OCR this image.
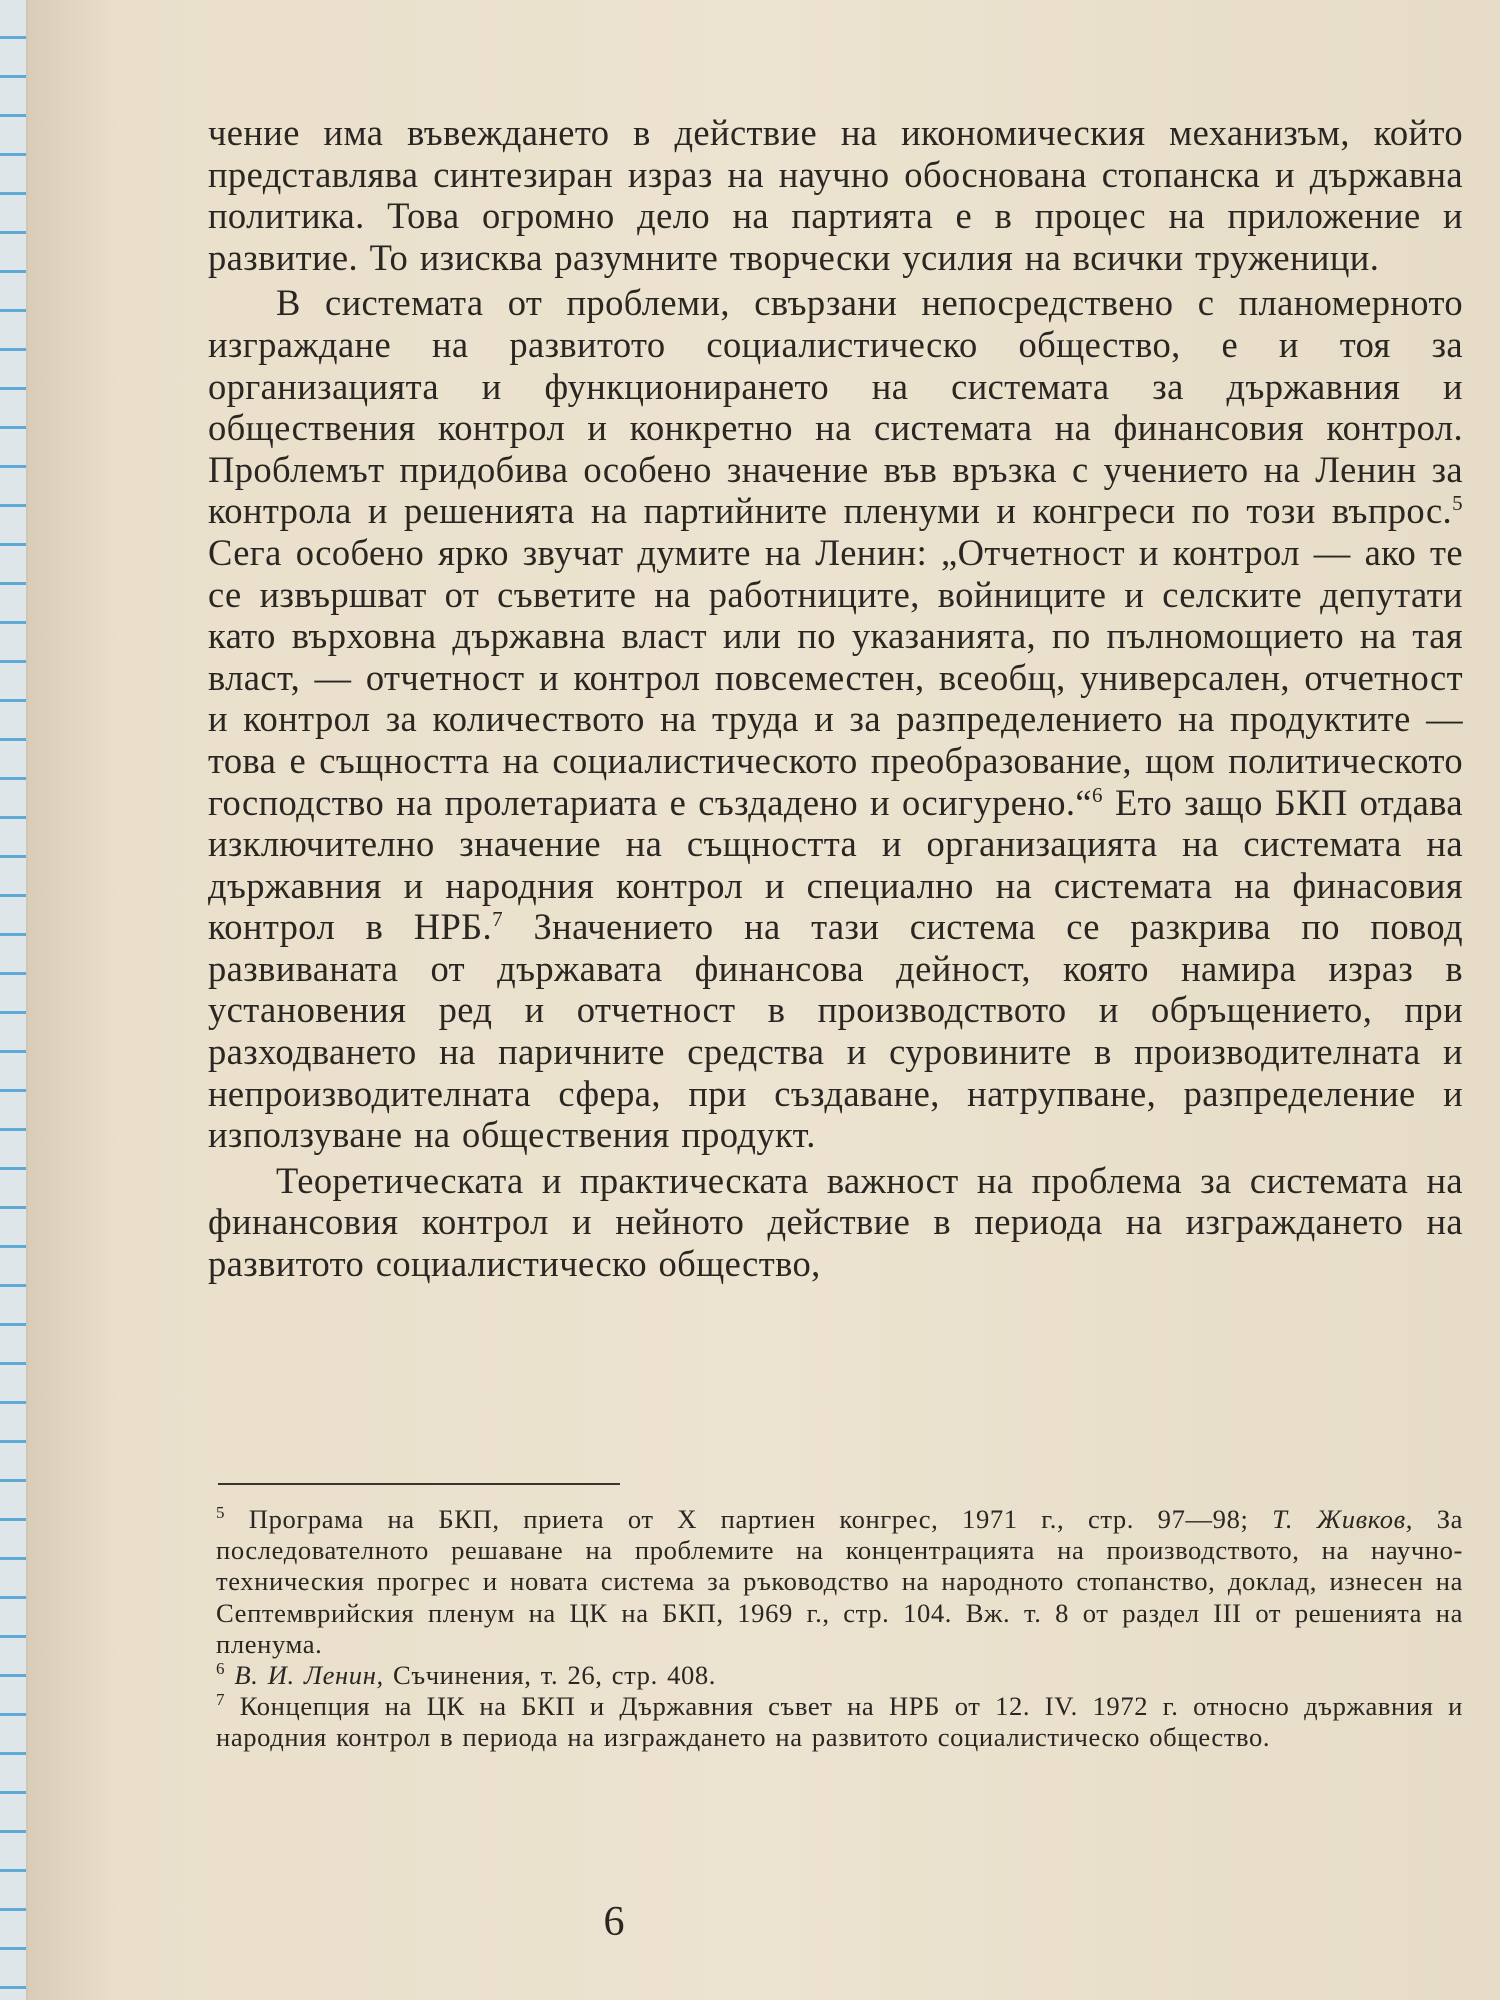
чение има въвеждането в действие на икономическия механизъм, който представлява синтезиран израз на научно обоснована стопанска и държавна политика. Това огромно дело на партията е в процес на приложение и развитие. То изисква разумните творчески усилия на всички труженици.

В системата от проблеми, свързани непосредствено с планомерното изграждане на развитото социалистическо общество, е и тоя за организацията и функционирането на системата за държавния и обществения контрол и конкретно на системата на финансовия контрол. Проблемът придобива особено значение във връзка с учението на Ленин за контрола и решенията на партийните пленуми и конгреси по този въпрос.$^5$ Сега особено ярко звучат думите на Ленин: „Отчетност и контрол — ако те се извършват от съветите на работниците, войниците и селските депутати като върховна държавна власт или по указанията, по пълномощието на тая власт, — отчетност и контрол повсеместен, всеобщ, универсален, отчетност и контрол за количеството на труда и за разпределението на продуктите — това е същността на социалистическото преобразование, щом политическото господство на пролетариата е създадено и осигурено.“$^6$ Ето защо БКП отдава изключително значение на същността и организацията на системата на държавния и народния контрол и специално на системата на финасовия контрол в НРБ.$^7$ Значението на тази система се разкрива по повод развиваната от държавата финансова дейност, която намира израз в установения ред и отчетност в производството и обръщението, при разходването на паричните средства и суровините в производителната и непроизводителната сфера, при създаване, натрупване, разпределение и използуване на обществения продукт.

Теоретическата и практическата важност на проблема за системата на финансовия контрол и нейното действие в периода на изграждането на развитото социалистическо общество,

$^5$ Програма на БКП, приета от X партиен конгрес, 1971 г., стр. 97—98; Т. Живков, За последователното решаване на проблемите на концентрацията на производството, на научно-техническия прогрес и новата система за ръководство на народното стопанство, доклад, изнесен на Септемврийския пленум на ЦК на БКП, 1969 г., стр. 104. Вж. т. 8 от раздел III от решенията на пленума.

$^6$ В. И. Ленин, Съчинения, т. 26, стр. 408.

$^7$ Концепция на ЦК на БКП и Държавния съвет на НРБ от 12. IV. 1972 г. относно държавния и народния контрол в периода на изграждането на развитото социалистическо общество.

6
